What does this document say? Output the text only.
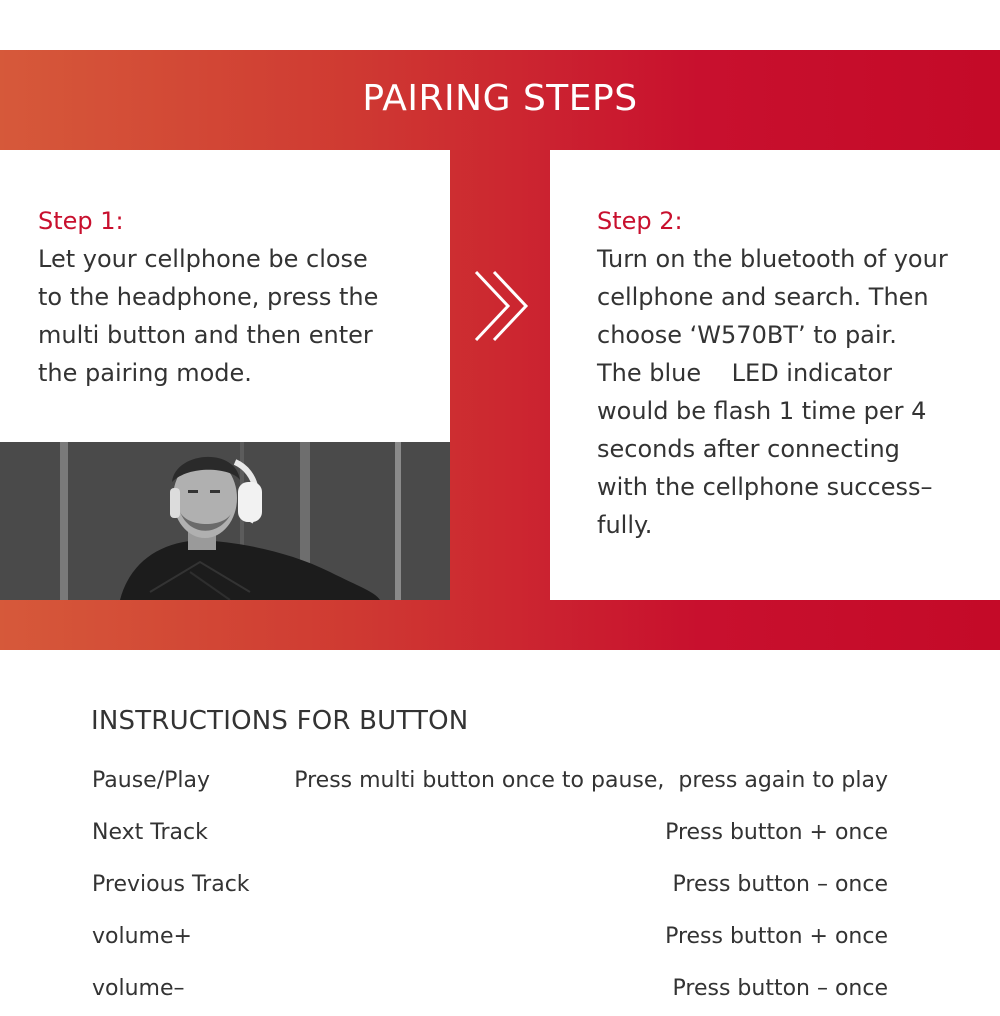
PAIRING STEPS
Step 1:
Let your cellphone be close
to the headphone, press the
multi button and then enter
the pairing mode.
Step 2:
Turn on the bluetooth of your
cellphone and search. Then
choose ‘W570BT’ to pair.
The blue    LED indicator
would be flash 1 time per 4
seconds after connecting
with the cellphone success–
fully.
INSTRUCTIONS FOR BUTTON
Pause/Play	Press multi button once to pause,  press again to play
Next Track	Press button + once
Previous Track	Press button – once
volume+	Press button + once
volume–	Press button – once
